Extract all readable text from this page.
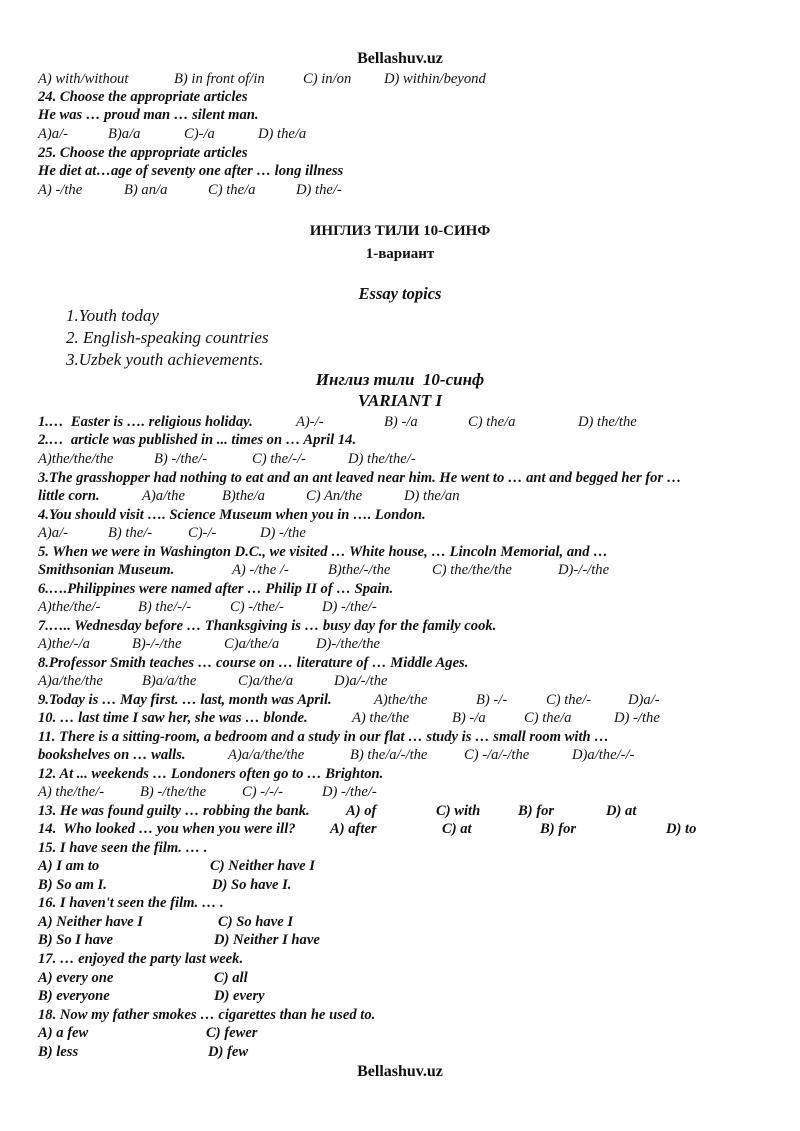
Bellashuv.uz
A) with/without	B) in front of/in	C) in/on D) within/beyond
24. Choose the appropriate articles
He was … proud man … silent man.
A)a/-	B)a/a	C)-/a	D) the/a
25. Choose the appropriate articles
He diet at…age of seventy one after … long illness
A) -/the	B) an/a	C) the/a	D) the/-
ИНГЛИЗ ТИЛИ 10-СИНФ
1-вариант
Essay topics
1.Youth today
2. English-speaking countries
3.Uzbek youth achievements.
Инглиз тили  10-синф
VARIANT I
1.…  Easter is …. religious holiday.	A)-/-	B) -/a	C) the/a	D) the/the
2.…  article was published in ... times on … April 14.
A)the/the/the	B) -/the/-	C) the/-/-	D) the/the/-
3.The grasshopper had nothing to eat and an ant leaved near him. He went to … ant and begged her for …
little corn.	A)a/the	B)the/a	C) An/the	D) the/an
4.You should visit …. Science Museum when you in …. London.
A)a/-	B) the/- C)-/-	D) -/the
5. When we were in Washington D.C., we visited … White house, … Lincoln Memorial, and …
Smithsonian Museum.	A) -/the /-	B)the/-/the	C) the/the/the	D)-/-/the
6.….Philippines were named after … Philip II of … Spain.
A)the/the/-	B) the/-/-	C) -/the/-	D) -/the/-
7.….. Wednesday before … Thanksgiving is … busy day for the family cook.
A)the/-/a	B)-/-/the	C)a/the/a	D)-/the/the
8.Professor Smith teaches … course on … literature of … Middle Ages.
A)a/the/the	B)a/a/the	C)a/the/a	D)a/-/the
9.Today is … May first. … last, month was April.	A)the/the	B) -/-	C) the/-	D)a/-
10. … last time I saw her, she was … blonde.	A) the/the	B) -/a	C) the/a	D) -/the
11. There is a sitting-room, a bedroom and a study in our flat … study is … small room with …
bookshelves on … walls.	A)a/a/the/the	B) the/a/-/the	C) -/a/-/the	D)a/the/-/-
12. At ... weekends … Londoners often go to … Brighton.
A) the/the/- B) -/the/the C) -/-/-	D) -/the/-
13. He was found guilty … robbing the bank. A) of	C) with	B) for	D) at
14.  Who looked … you when you were ill? A) after	C) at	B) for	D) to
15. I have seen the film. … .
A) I am to	C) Neither have I
B) So am I.	D) So have I.
16. I haven't seen the film. … .
A) Neither have I	C) So have I
B) So I have	D) Neither I have
17. … enjoyed the party last week.
A) every one	C) all
B) everyone	D) every
18. Now my father smokes … cigarettes than he used to.
A) a few	C) fewer
B) less	D) few
Bellashuv.uz
